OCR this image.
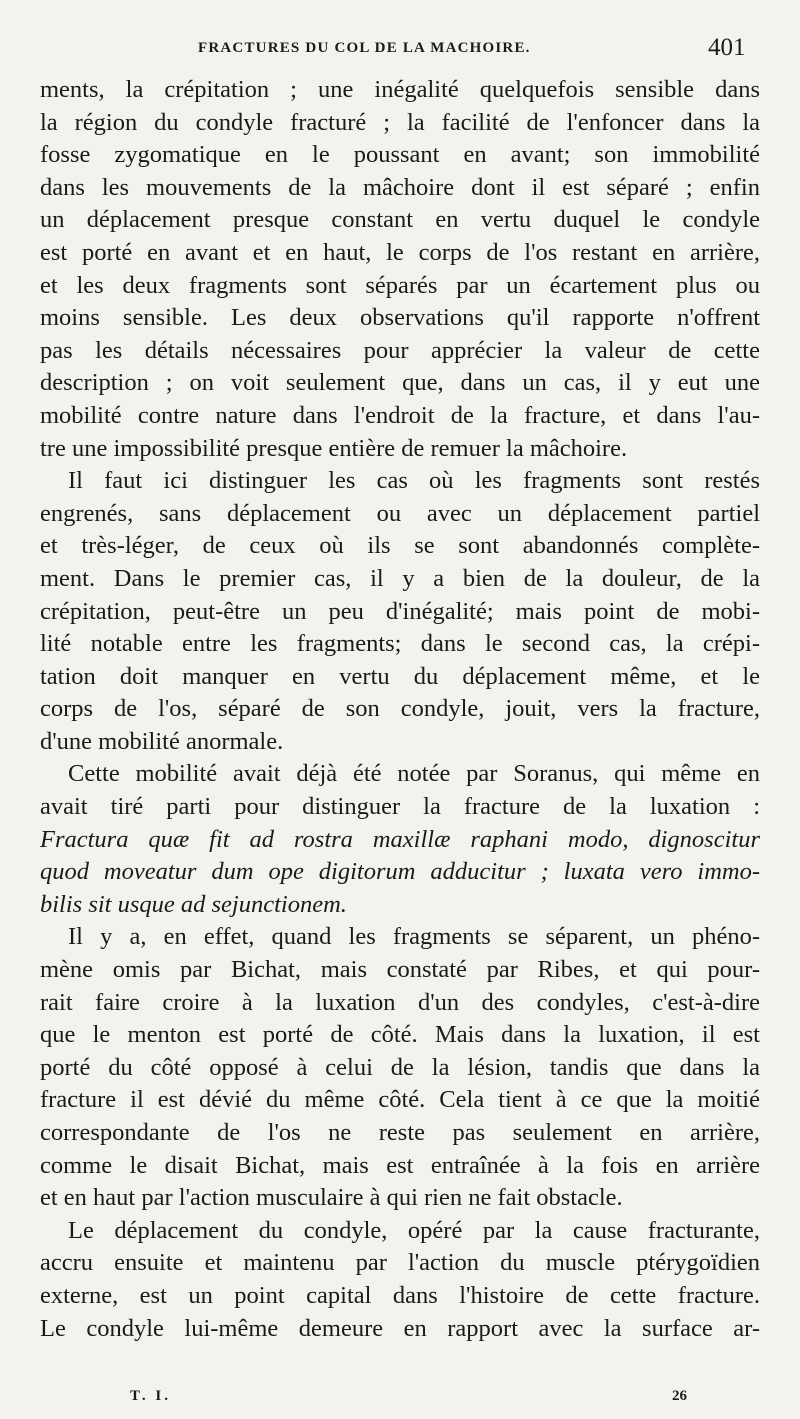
FRACTURES DU COL DE LA MACHOIRE.	401
ments, la crépitation ; une inégalité quelquefois sensible dans
la région du condyle fracturé ; la facilité de l'enfoncer dans la
fosse zygomatique en le poussant en avant; son immobilité
dans les mouvements de la mâchoire dont il est séparé ; enfin
un déplacement presque constant en vertu duquel le condyle
est porté en avant et en haut, le corps de l'os restant en arrière,
et les deux fragments sont séparés par un écartement plus ou
moins sensible. Les deux observations qu'il rapporte n'offrent
pas les détails nécessaires pour apprécier la valeur de cette
description ; on voit seulement que, dans un cas, il y eut une
mobilité contre nature dans l'endroit de la fracture, et dans l'au-
tre une impossibilité presque entière de remuer la mâchoire.
Il faut ici distinguer les cas où les fragments sont restés
engrenés, sans déplacement ou avec un déplacement partiel
et très-léger, de ceux où ils se sont abandonnés complète-
ment. Dans le premier cas, il y a bien de la douleur, de la
crépitation, peut-être un peu d'inégalité; mais point de mobi-
lité notable entre les fragments; dans le second cas, la crépi-
tation doit manquer en vertu du déplacement même, et le
corps de l'os, séparé de son condyle, jouit, vers la fracture,
d'une mobilité anormale.
Cette mobilité avait déjà été notée par Soranus, qui même en
avait tiré parti pour distinguer la fracture de la luxation :
Fractura quæ fit ad rostra maxillæ raphani modo, dignoscitur
quod moveatur dum ope digitorum adducitur ; luxata vero immo-
bilis sit usque ad sejunctionem.
Il y a, en effet, quand les fragments se séparent, un phéno-
mène omis par Bichat, mais constaté par Ribes, et qui pour-
rait faire croire à la luxation d'un des condyles, c'est-à-dire
que le menton est porté de côté. Mais dans la luxation, il est
porté du côté opposé à celui de la lésion, tandis que dans la
fracture il est dévié du même côté. Cela tient à ce que la moitié
correspondante de l'os ne reste pas seulement en arrière,
comme le disait Bichat, mais est entraînée à la fois en arrière
et en haut par l'action musculaire à qui rien ne fait obstacle.
Le déplacement du condyle, opéré par la cause fracturante,
accru ensuite et maintenu par l'action du muscle ptérygoïdien
externe, est un point capital dans l'histoire de cette fracture.
Le condyle lui-même demeure en rapport avec la surface ar-
T. I.	26
